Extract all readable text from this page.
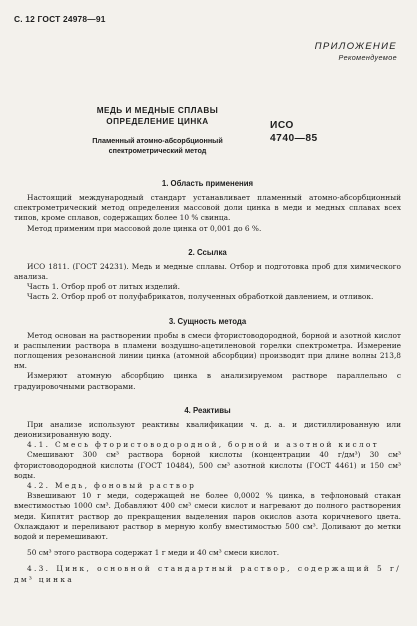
С. 12 ГОСТ 24978—91
ПРИЛОЖЕНИЕ
Рекомендуемое
МЕДЬ И МЕДНЫЕ СПЛАВЫ
ОПРЕДЕЛЕНИЕ ЦИНКА
Пламенный атомно-абсорбционный
спектрометрический метод
ИСО
4740—85
1. Область применения

Настоящий международный стандарт устанавливает пламенный атомно-абсорбционный спектрометрический метод определения массовой доли цинка в меди и медных сплавах всех типов, кроме сплавов, содержащих более 10 % свинца.

Метод применим при массовой доле цинка от 0,001 до 6 %.

2. Ссылка

ИСО 1811. (ГОСТ 24231). Медь и медные сплавы. Отбор и подготовка проб для химического анализа.

Часть 1. Отбор проб от литых изделий.

Часть 2. Отбор проб от полуфабрикатов, полученных обработкой давлением, и отливок.

3. Сущность метода

Метод основан на растворении пробы в смеси фтористоводородной, борной и азотной кислот и распылении раствора в пламени воздушно-ацетиленовой горелки спектрометра. Измерение поглощения резонансной линии цинка (атомной абсорбции) производят при длине волны 213,8 нм.

Измеряют атомную абсорбцию цинка в анализируемом растворе параллельно с градуировочными растворами.

4. Реактивы

При анализе используют реактивы квалификации ч. д. а. и дистиллированную или деионизированную воду.

4.1. Смесь фтористоводородной, борной и азотной кислот

Смешивают 300 см³ раствора борной кислоты (концентрации 40 г/дм³) 30 см³ фтористоводородной кислоты (ГОСТ 10484), 500 см³ азотной кислоты (ГОСТ 4461) и 150 см³ воды.

4.2. Медь, фоновый раствор

Взвешивают 10 г меди, содержащей не более 0,0002 % цинка, в тефлоновый стакан вместимостью 1000 см³. Добавляют 400 см³ смеси кислот и нагревают до полного растворения меди. Кипятят раствор до прекращения выделения паров окислов азота коричневого цвета. Охлаждают и переливают раствор в мерную колбу вместимостью 500 см³. Доливают до метки водой и перемешивают.

50 см³ этого раствора содержат 1 г меди и 40 см³ смеси кислот.

4.3. Цинк, основной стандартный раствор, содержащий 5 г/дм³ цинка
